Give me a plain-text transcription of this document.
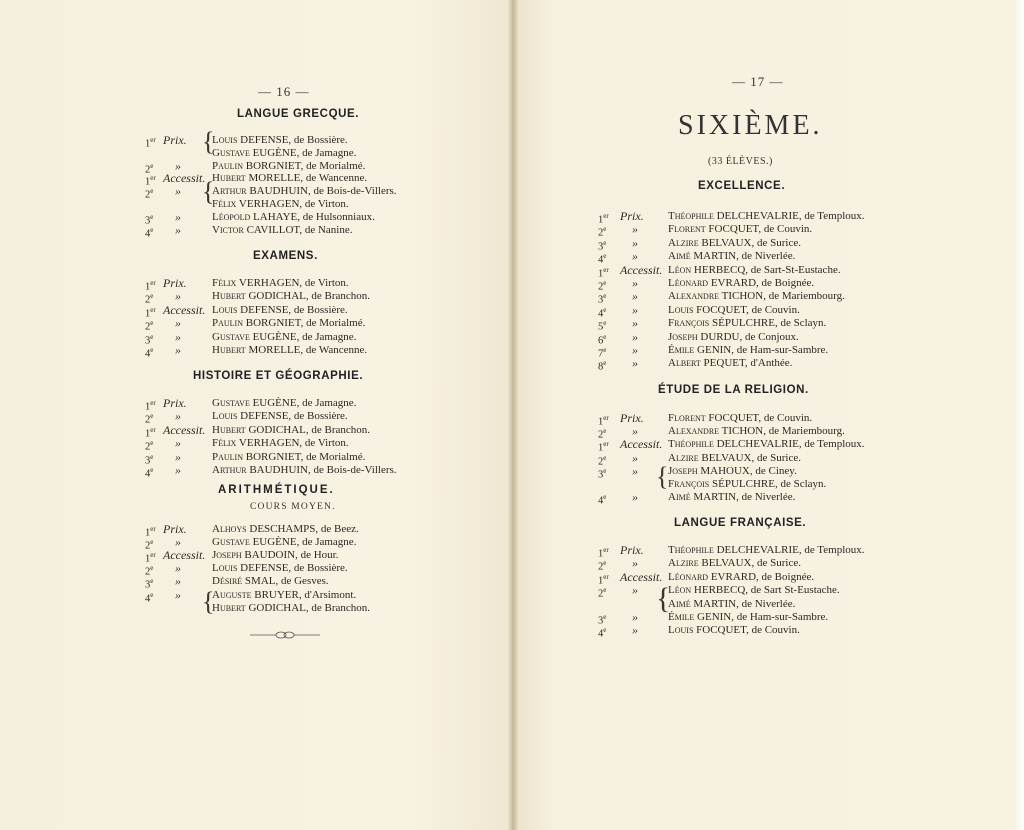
— 16 —
LANGUE GRECQUE.
{
{
EXAMENS.
HISTOIRE ET GÉOGRAPHIE.
ARITHMÉTIQUE.
COURS MOYEN.
{
1er Prix. Louis DEFENSE, de Bossière.
Gustave EUGÈNE, de Jamagne.
2e	»	Paulin BORGNIET, de Morialmé.
1er Accessit. Hubert MORELLE, de Wancenne.
2e	»	Arthur BAUDHUIN, de Bois-de-Villers.
Félix VERHAGEN, de Virton.
3e	»	Léopold LAHAYE, de Hulsonniaux.
4e	»	Victor CAVILLOT, de Nanine.
1er Prix. Félix VERHAGEN, de Virton.
2e	»	Hubert GODICHAL, de Branchon.
1er Accessit. Louis DEFENSE, de Bossière.
2e	»	Paulin BORGNIET, de Morialmé.
3e	»	Gustave EUGÈNE, de Jamagne.
4e	»	Hubert MORELLE, de Wancenne.
1er Prix. Gustave EUGÈNE, de Jamagne.
2e	»	Louis DEFENSE, de Bossière.
1er Accessit. Hubert GODICHAL, de Branchon.
2e	»	Félix VERHAGEN, de Virton.
3e	»	Paulin BORGNIET, de Morialmé.
4e	»	Arthur BAUDHUIN, de Bois-de-Villers.
1er Prix. Alhoys DESCHAMPS, de Beez.
2e	»	Gustave EUGÈNE, de Jamagne.
1er Accessit. Joseph BAUDOIN, de Hour.
2e	»	Louis DEFENSE, de Bossière.
3e	»	Désiré SMAL, de Gesves.
4e	»	Auguste BRUYER, d'Arsimont.
Hubert GODICHAL, de Branchon.
— 17 —
SIXIÈME.
(33 ÉLÈVES.)
EXCELLENCE.
ÉTUDE DE LA RELIGION.
{
LANGUE FRANÇAISE.
{
1er Prix. Théophile DELCHEVALRIE, de Temploux.
2e	»	Florent FOCQUET, de Couvin.
3e	»	Alzire BELVAUX, de Surice.
4e	»	Aimé MARTIN, de Niverlée.
1er Accessit. Léon HERBECQ, de Sart-St-Eustache.
2e	»	Léonard EVRARD, de Boignée.
3e	»	Alexandre TICHON, de Mariembourg.
4e	»	Louis FOCQUET, de Couvin.
5e	»	François SÉPULCHRE, de Sclayn.
6e	»	Joseph DURDU, de Conjoux.
7e	»	Émile GENIN, de Ham-sur-Sambre.
8e	»	Albert PEQUET, d'Anthée.
1er Prix. Florent FOCQUET, de Couvin.
2e	»	Alexandre TICHON, de Mariembourg.
1er Accessit. Théophile DELCHEVALRIE, de Temploux.
2e	»	Alzire BELVAUX, de Surice.
3e	»	Joseph MAHOUX, de Ciney.
François SÉPULCHRE, de Sclayn.
4e	»	Aimé MARTIN, de Niverlée.
1er Prix. Théophile DELCHEVALRIE, de Temploux.
2e	»	Alzire BELVAUX, de Surice.
1er Accessit. Léonard EVRARD, de Boignée.
2e	»	Léon HERBECQ, de Sart St-Eustache.
Aimé MARTIN, de Niverlée.
3e	»	Émile GENIN, de Ham-sur-Sambre.
4e	»	Louis FOCQUET, de Couvin.
